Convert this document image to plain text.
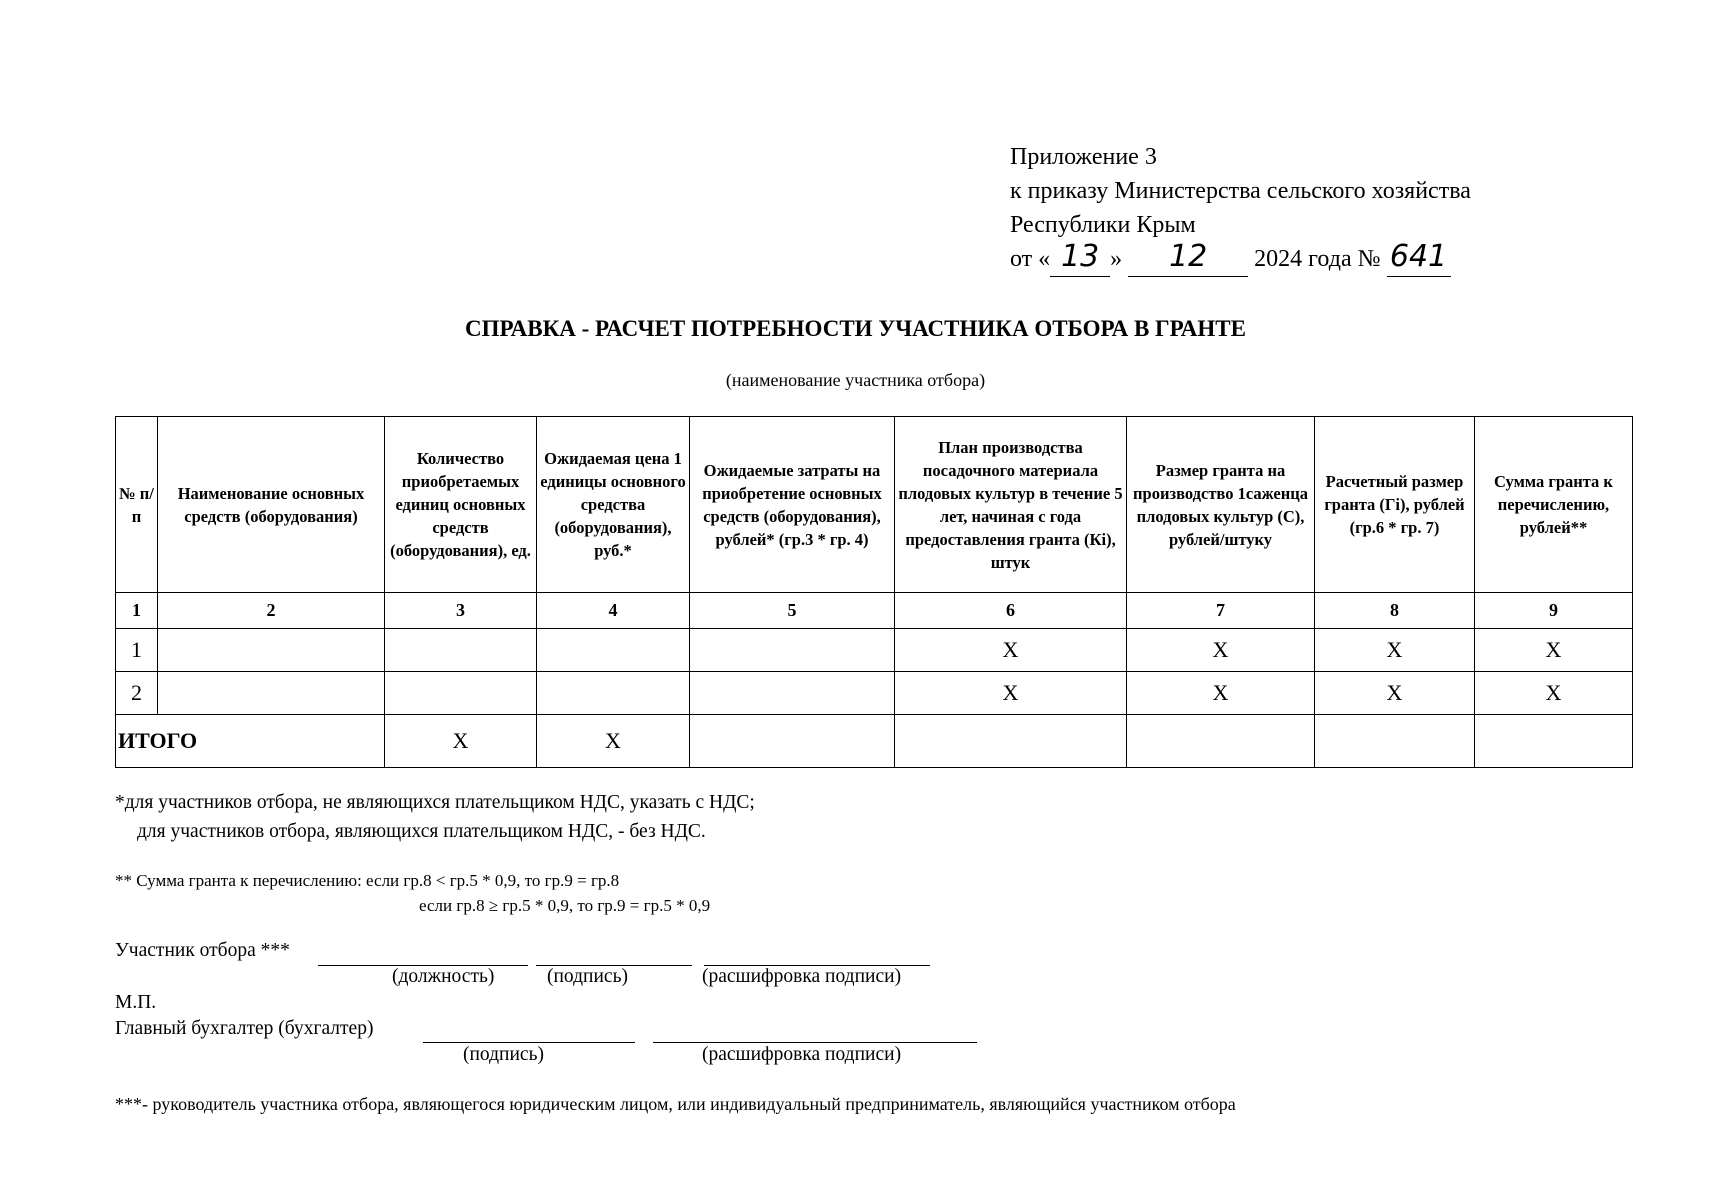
Приложение 3
к приказу Министерства сельского хозяйства
Республики Крым
от « 13 » 12 2024 года № 641
СПРАВКА - РАСЧЕТ ПОТРЕБНОСТИ УЧАСТНИКА ОТБОРА В ГРАНТЕ
(наименование участника отбора)
№ п/п	Наименование основных средств (оборудования)	Количество приобретаемых единиц основных средств (оборудования), ед.	Ожидаемая цена 1 единицы основного средства (оборудования), руб.*	Ожидаемые затраты на приобретение основных средств (оборудования), рублей* (гр.3 * гр. 4)	План производства посадочного материала плодовых культур в течение 5 лет, начиная с года предоставления гранта (Кi), штук	Размер гранта на производство 1саженца плодовых культур (С), рублей/штуку	Расчетный размер гранта (Гi), рублей (гр.6 * гр. 7)	Сумма гранта к перечислению, рублей**
1	2	3	4	5	6	7	8	9
1					X	X	X	X
2					X	X	X	X
ИТОГО		X	X					
*для участников отбора, не являющихся плательщиком НДС, указать с НДС;
для участников отбора, являющихся плательщиком НДС, - без НДС.
** Сумма гранта к перечислению: если гр.8 < гр.5 * 0,9, то гр.9 = гр.8
если гр.8 ≥ гр.5 * 0,9, то гр.9 = гр.5 * 0,9
Участник отбора ***
(должность)	(подпись)	(расшифровка подписи)
М.П.
Главный бухгалтер (бухгалтер)
(подпись)	(расшифровка подписи)
***- руководитель участника отбора, являющегося юридическим лицом, или индивидуальный предприниматель, являющийся участником отбора
